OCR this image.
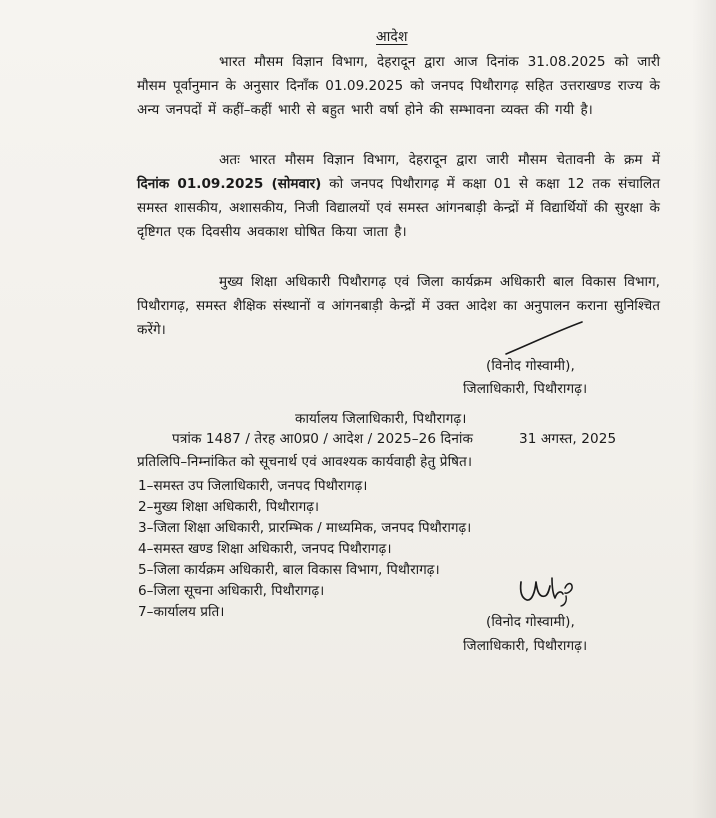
आदेश
भारत मौसम विज्ञान विभाग, देहरादून द्वारा आज दिनांक 31.08.2025 को जारी मौसम पूर्वानुमान के अनुसार दिनॉंक 01.09.2025 को जनपद पिथौरागढ़ सहित उत्तराखण्ड राज्य के अन्य जनपदों में कहीं–कहीं भारी से बहुत भारी वर्षा होने की सम्भावना व्यक्त की गयी है।
अतः भारत मौसम विज्ञान विभाग, देहरादून द्वारा जारी मौसम चेतावनी के क्रम में दिनांक 01.09.2025 (सोमवार) को जनपद पिथौरागढ़ में कक्षा 01 से कक्षा 12 तक संचालित समस्त शासकीय, अशासकीय, निजी विद्यालयों एवं समस्त आंगनबाड़ी केन्द्रों में विद्यार्थियों की सुरक्षा के दृष्टिगत एक दिवसीय अवकाश घोषित किया जाता है।
मुख्य शिक्षा अधिकारी पिथौरागढ़ एवं जिला कार्यक्रम अधिकारी बाल विकास विभाग, पिथौरागढ़, समस्त शैक्षिक संस्थानों व आंगनबाड़ी केन्द्रों में उक्त आदेश का अनुपालन कराना सुनिश्चित करेंगे।
(विनोद गोस्वामी),
जिलाधिकारी, पिथौरागढ़।
कार्यालय जिलाधिकारी, पिथौरागढ़।
पत्रांक 1487 / तेरह आ0प्र0 / आदेश / 2025–26 दिनांक	31 अगस्त, 2025
प्रतिलिपि–निम्नांकित को सूचनार्थ एवं आवश्यक कार्यवाही हेतु प्रेषित।
1–समस्त उप जिलाधिकारी, जनपद पिथौरागढ़।
2–मुख्य शिक्षा अधिकारी, पिथौरागढ़।
3–जिला शिक्षा अधिकारी, प्रारम्भिक / माध्यमिक, जनपद पिथौरागढ़।
4–समस्त खण्ड शिक्षा अधिकारी, जनपद पिथौरागढ़।
5–जिला कार्यक्रम अधिकारी, बाल विकास विभाग, पिथौरागढ़।
6–जिला सूचना अधिकारी, पिथौरागढ़।
7–कार्यालय प्रति।
(विनोद गोस्वामी),
जिलाधिकारी, पिथौरागढ़।
